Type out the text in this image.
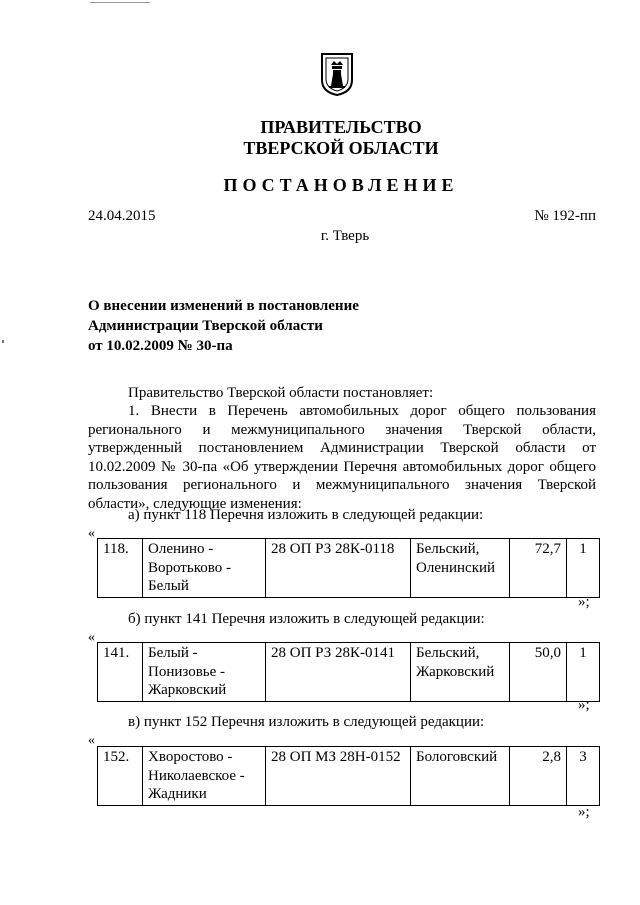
ПРАВИТЕЛЬСТВО
ТВЕРСКОЙ ОБЛАСТИ
ПОСТАНОВЛЕНИЕ
24.04.2015	№ 192-пп
г. Тверь
О внесении изменений в постановление
Администрации Тверской области
от 10.02.2009 № 30-па
Правительство Тверской области постановляет:
1. Внести в Перечень автомобильных дорог общего пользования регионального и межмуниципального значения Тверской области, утвержденный постановлением Администрации Тверской области от 10.02.2009 № 30-па «Об утверждении Перечня автомобильных дорог общего пользования регионального и межмуниципального значения Тверской области», следующие изменения:
а) пункт 118 Перечня изложить в следующей редакции:
«
118.	Оленино - Воротьково - Белый	28 ОП РЗ 28К-0118	Бельский, Оленинский	72,7	1
»;
б) пункт 141 Перечня изложить в следующей редакции:
«
141.	Белый - Понизовье - Жарковский	28 ОП РЗ 28К-0141	Бельский, Жарковский	50,0	1
»;
в) пункт 152 Перечня изложить в следующей редакции:
«
152.	Хворостово - Николаевское - Жадники	28 ОП МЗ 28Н-0152	Бологовский	2,8	3
»;
